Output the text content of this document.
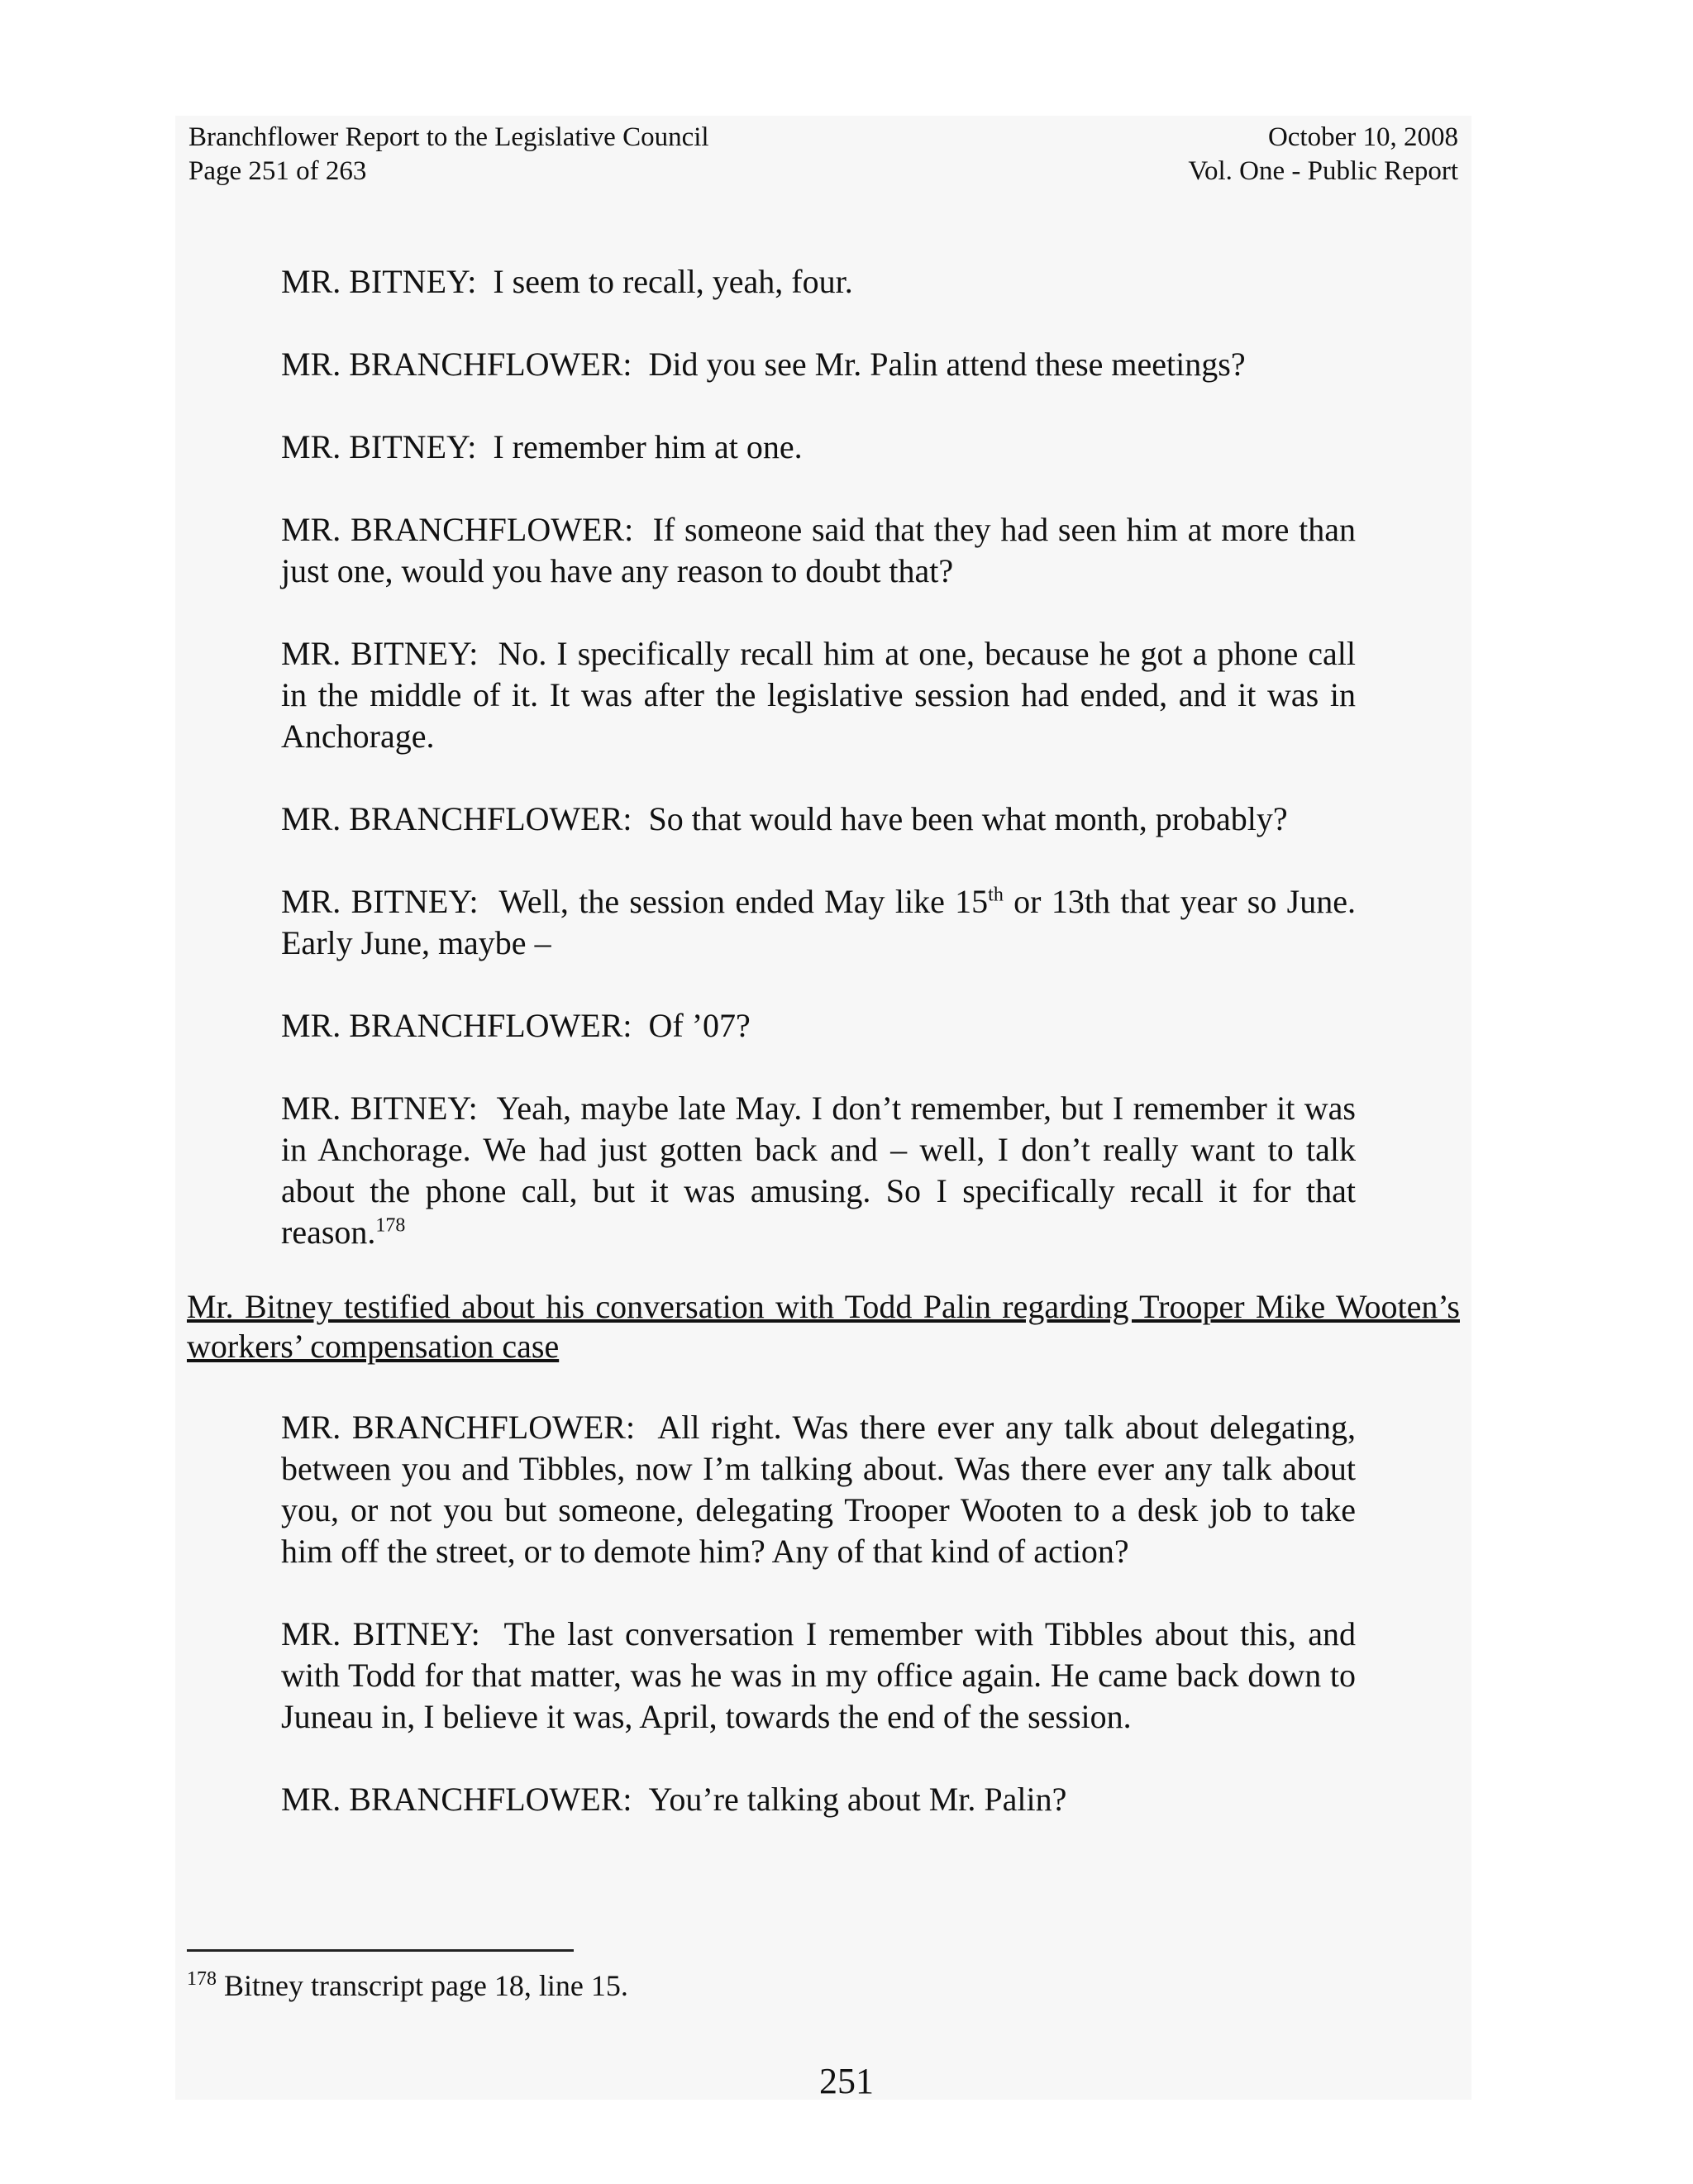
Branchflower Report to the Legislative Council
Page 251 of 263
October 10, 2008
Vol. One - Public Report

MR. BITNEY: I seem to recall, yeah, four.

MR. BRANCHFLOWER: Did you see Mr. Palin attend these meetings?

MR. BITNEY: I remember him at one.

MR. BRANCHFLOWER: If someone said that they had seen him at more than just one, would you have any reason to doubt that?

MR. BITNEY: No. I specifically recall him at one, because he got a phone call in the middle of it. It was after the legislative session had ended, and it was in Anchorage.

MR. BRANCHFLOWER: So that would have been what month, probably?

MR. BITNEY: Well, the session ended May like 15th or 13th that year so June. Early June, maybe –

MR. BRANCHFLOWER: Of ’07?

MR. BITNEY: Yeah, maybe late May. I don’t remember, but I remember it was in Anchorage. We had just gotten back and – well, I don’t really want to talk about the phone call, but it was amusing. So I specifically recall it for that reason.$^{178}$

Mr. Bitney testified about his conversation with Todd Palin regarding Trooper Mike Wooten’s workers’ compensation case

MR. BRANCHFLOWER: All right. Was there ever any talk about delegating, between you and Tibbles, now I’m talking about. Was there ever any talk about you, or not you but someone, delegating Trooper Wooten to a desk job to take him off the street, or to demote him? Any of that kind of action?

MR. BITNEY: The last conversation I remember with Tibbles about this, and with Todd for that matter, was he was in my office again. He came back down to Juneau in, I believe it was, April, towards the end of the session.

MR. BRANCHFLOWER: You’re talking about Mr. Palin?

$^{178}$ Bitney transcript page 18, line 15.
251
